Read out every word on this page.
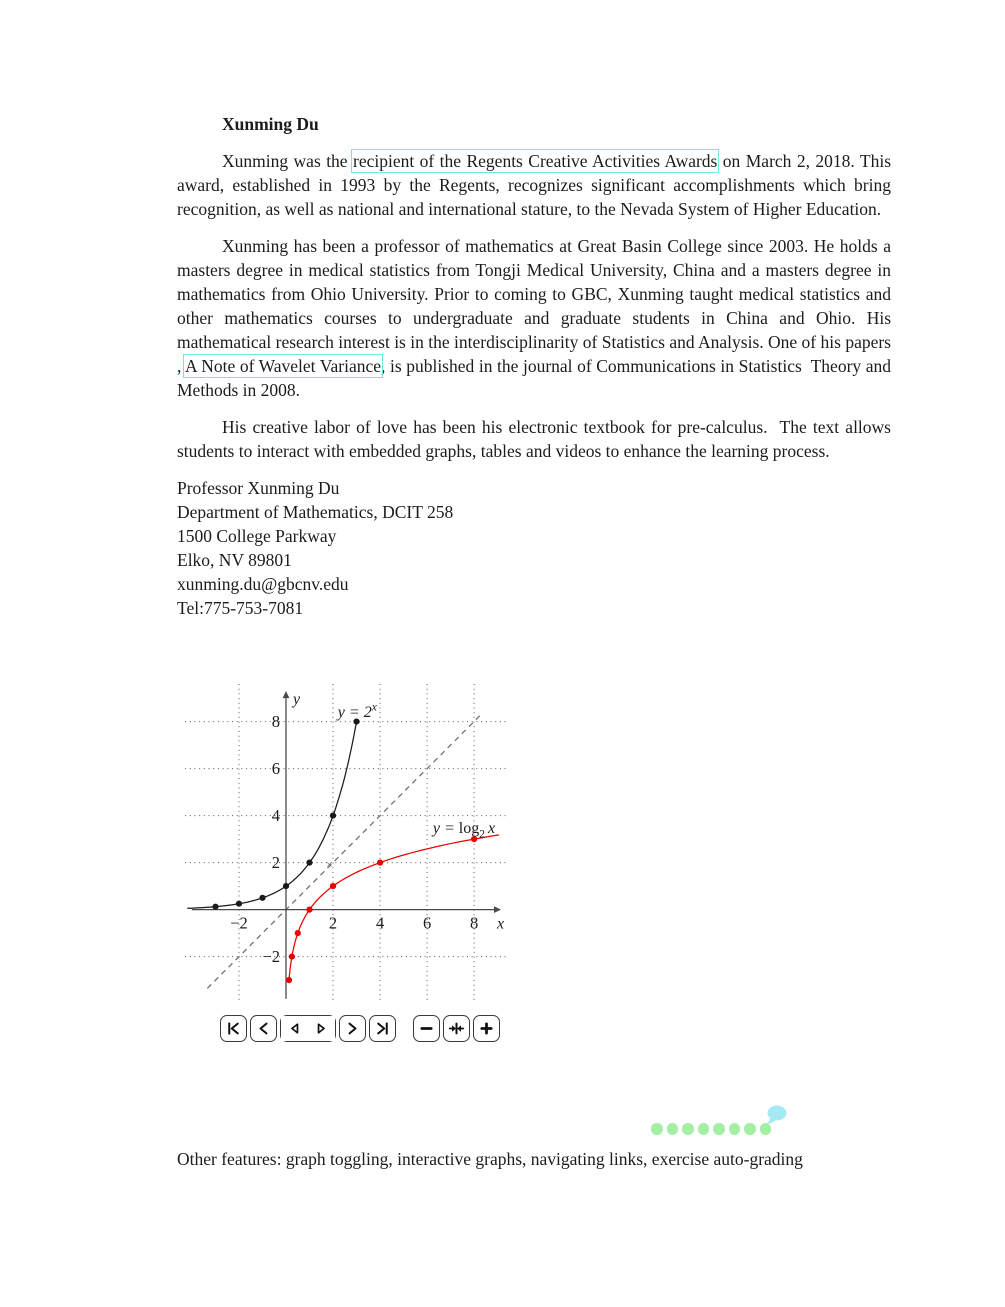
Xunming Du

Xunming was the recipient of the Regents Creative Activities Awards on March 2, 2018. This award, established in 1993 by the Regents, recognizes significant accomplishments which bring recognition, as well as national and international stature, to the Nevada System of Higher Education.

Xunming has been a professor of mathematics at Great Basin College since 2003. He holds a masters degree in medical statistics from Tongji Medical University, China and a masters degree in mathematics from Ohio University. Prior to coming to GBC, Xunming taught medical statistics and other mathematics courses to undergraduate and graduate students in China and Ohio. His mathematical research interest is in the interdisciplinarity of Statistics and Analysis. One of his papers , A Note of Wavelet Variance, is published in the journal of Communications in Statistics  Theory and Methods in 2008.

His creative labor of love has been his electronic textbook for pre-calculus.  The text allows students to interact with embedded graphs, tables and videos to enhance the learning process.

Professor Xunming Du
Department of Mathematics, DCIT 258
1500 College Parkway
Elko, NV 89801
xunming.du@gbcnv.edu
Tel:775-753-7081
x
y
−2	2 4 6 8
−2
2
4
6
8
×
$y = 2^x$
$y = \log_2 x$
Other features: graph toggling, interactive graphs, navigating links, exercise auto-grading
